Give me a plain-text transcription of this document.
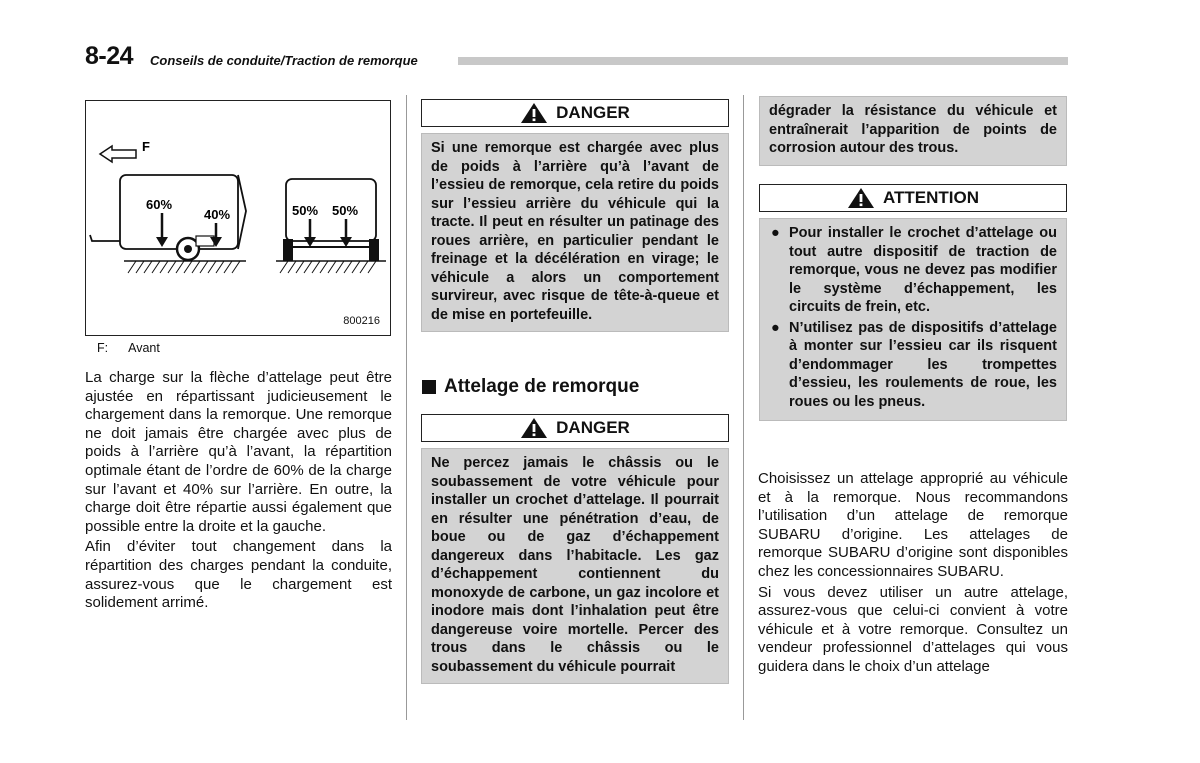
8-24 Conseils de conduite/Traction de remorque
F
60%
40%	50% 50%
800216
F: Avant

La charge sur la flèche d’attelage peut être ajustée en répartissant judicieusement le chargement dans la remorque. Une remorque ne doit jamais être chargée avec plus de poids à l’arrière qu’à l’avant, la répartition optimale étant de l’ordre de 60% de la charge sur l’avant et 40% sur l’arrière. En outre, la charge doit être répartie aussi également que possible entre la droite et la gauche.

Afin d’éviter tout changement dans la répartition des charges pendant la conduite, assurez-vous que le chargement est solidement arrimé.

DANGER
Si une remorque est chargée avec plus de poids à l’arrière qu’à l’avant de l’essieu de remorque, cela retire du poids sur l’essieu arrière du véhicule qui la tracte. Il peut en résulter un patinage des roues arrière, en particulier pendant le freinage et la décélération en virage; le véhicule a alors un comportement survireur, avec risque de tête-à-queue et de mise en portefeuille.
Attelage de remorque
DANGER
Ne percez jamais le châssis ou le soubassement de votre véhicule pour installer un crochet d’attelage. Il pourrait en résulter une pénétration d’eau, de boue ou de gaz d’échappement dangereux dans l’habitacle. Les gaz d’échappement contiennent du monoxyde de carbone, un gaz incolore et inodore mais dont l’inhalation peut être dangereuse voire mortelle. Percer des trous dans le châssis ou le soubassement du véhicule pourrait
dégrader la résistance du véhicule et entraînerait l’apparition de points de corrosion autour des trous.
ATTENTION
● Pour installer le crochet d’attelage ou tout autre dispositif de traction de remorque, vous ne devez pas modifier le système d’échappement, les circuits de frein, etc.
● N’utilisez pas de dispositifs d’attelage à monter sur l’essieu car ils risquent d’endommager les trompettes d’essieu, les roulements de roue, les roues ou les pneus.

Choisissez un attelage approprié au véhicule et à la remorque. Nous recommandons l’utilisation d’un attelage de remorque SUBARU d’origine. Les attelages de remorque SUBARU d’origine sont disponibles chez les concessionnaires SUBARU.

Si vous devez utiliser un autre attelage, assurez-vous que celui-ci convient à votre véhicule et à votre remorque. Consultez un vendeur professionnel d’attelages qui vous guidera dans le choix d’un attelage
